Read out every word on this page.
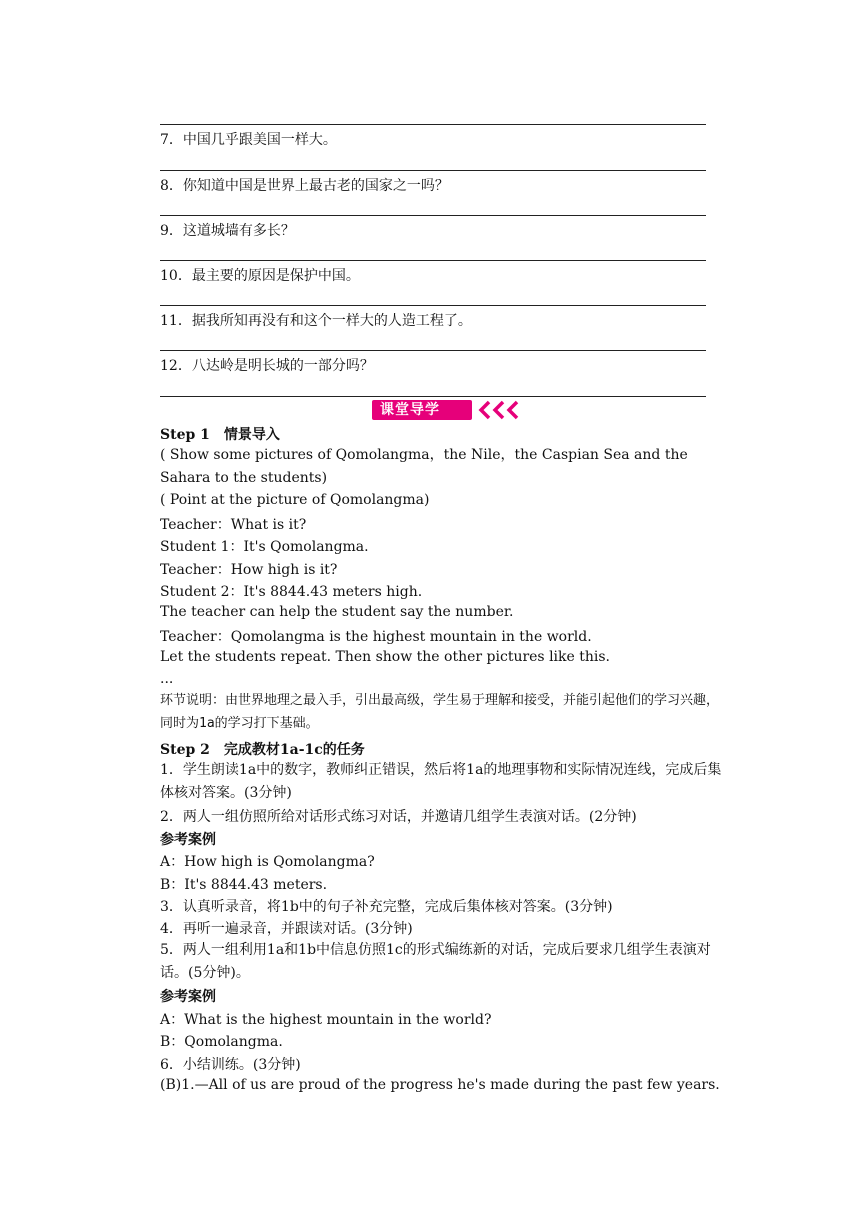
7．中国几乎跟美国一样大。
8．你知道中国是世界上最古老的国家之一吗？
9．这道城墙有多长？
10．最主要的原因是保护中国。
11．据我所知再没有和这个一样大的人造工程了。
12．八达岭是明长城的一部分吗？
课堂导学
Step 1　情景导入
( Show some pictures of Qomolangma，the Nile，the Caspian Sea and the Sahara to the students)
( Point at the picture of Qomolangma)
Teacher：What is it?
Student 1：It's Qomolangma.
Teacher：How high is it?
Student 2：It's 8844.43 meters high.
The teacher can help the student say the number.
Teacher：Qomolangma is the highest mountain in the world.
Let the students repeat. Then show the other pictures like this.
...
环节说明：由世界地理之最入手，引出最高级，学生易于理解和接受，并能引起他们的学习兴趣，同时为1a的学习打下基础。
Step 2　完成教材1a-1c的任务
1．学生朗读1a中的数字，教师纠正错误，然后将1a的地理事物和实际情况连线，完成后集体核对答案。(3分钟)
2．两人一组仿照所给对话形式练习对话，并邀请几组学生表演对话。(2分钟)
参考案例
A：How high is Qomolangma?
B：It's 8844.43 meters.
3．认真听录音，将1b中的句子补充完整，完成后集体核对答案。(3分钟)
4．再听一遍录音，并跟读对话。(3分钟)
5．两人一组利用1a和1b中信息仿照1c的形式编练新的对话，完成后要求几组学生表演对话。(5分钟)。
参考案例
A：What is the highest mountain in the world?
B：Qomolangma.
6．小结训练。(3分钟)
(B)1.—All of us are proud of the progress he's made during the past few years.
